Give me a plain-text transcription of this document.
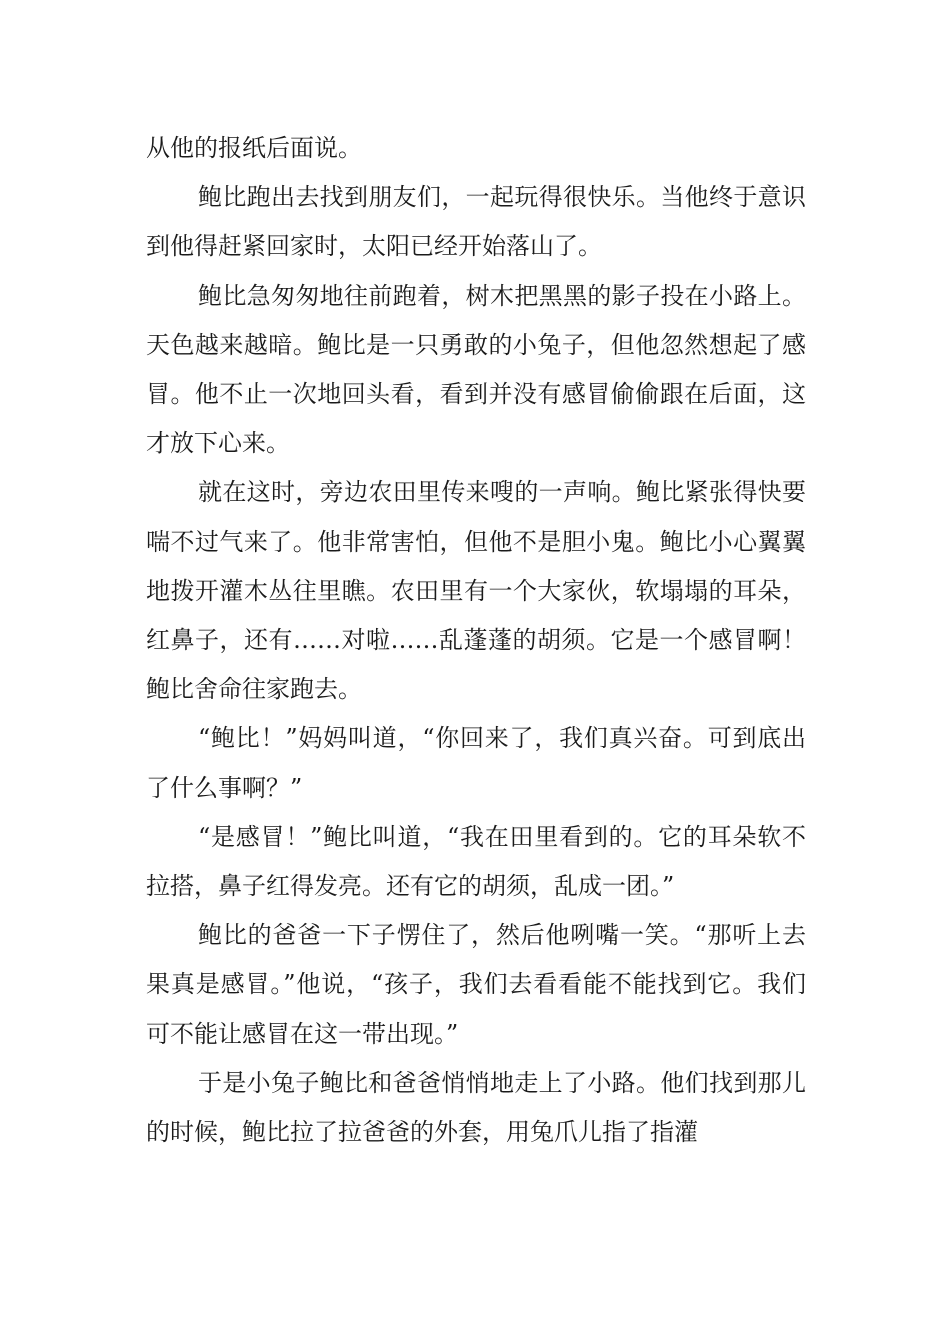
从他的报纸后面说。

鲍比跑出去找到朋友们，一起玩得很快乐。当他终于意识到他得赶紧回家时，太阳已经开始落山了。

鲍比急匆匆地往前跑着，树木把黑黑的影子投在小路上。天色越来越暗。鲍比是一只勇敢的小兔子，但他忽然想起了感冒。他不止一次地回头看，看到并没有感冒偷偷跟在后面，这才放下心来。

就在这时，旁边农田里传来嗖的一声响。鲍比紧张得快要喘不过气来了。他非常害怕，但他不是胆小鬼。鲍比小心翼翼地拨开灌木丛往里瞧。农田里有一个大家伙，软塌塌的耳朵，红鼻子，还有……对啦……乱蓬蓬的胡须。它是一个感冒啊！鲍比舍命往家跑去。

“鲍比！”妈妈叫道，“你回来了，我们真兴奋。可到底出了什么事啊？”

“是感冒！”鲍比叫道，“我在田里看到的。它的耳朵软不拉搭，鼻子红得发亮。还有它的胡须，乱成一团。”

鲍比的爸爸一下子愣住了，然后他咧嘴一笑。“那听上去果真是感冒。”他说，“孩子，我们去看看能不能找到它。我们可不能让感冒在这一带出现。”

于是小兔子鲍比和爸爸悄悄地走上了小路。他们找到那儿的时候，鲍比拉了拉爸爸的外套，用兔爪儿指了指灌
